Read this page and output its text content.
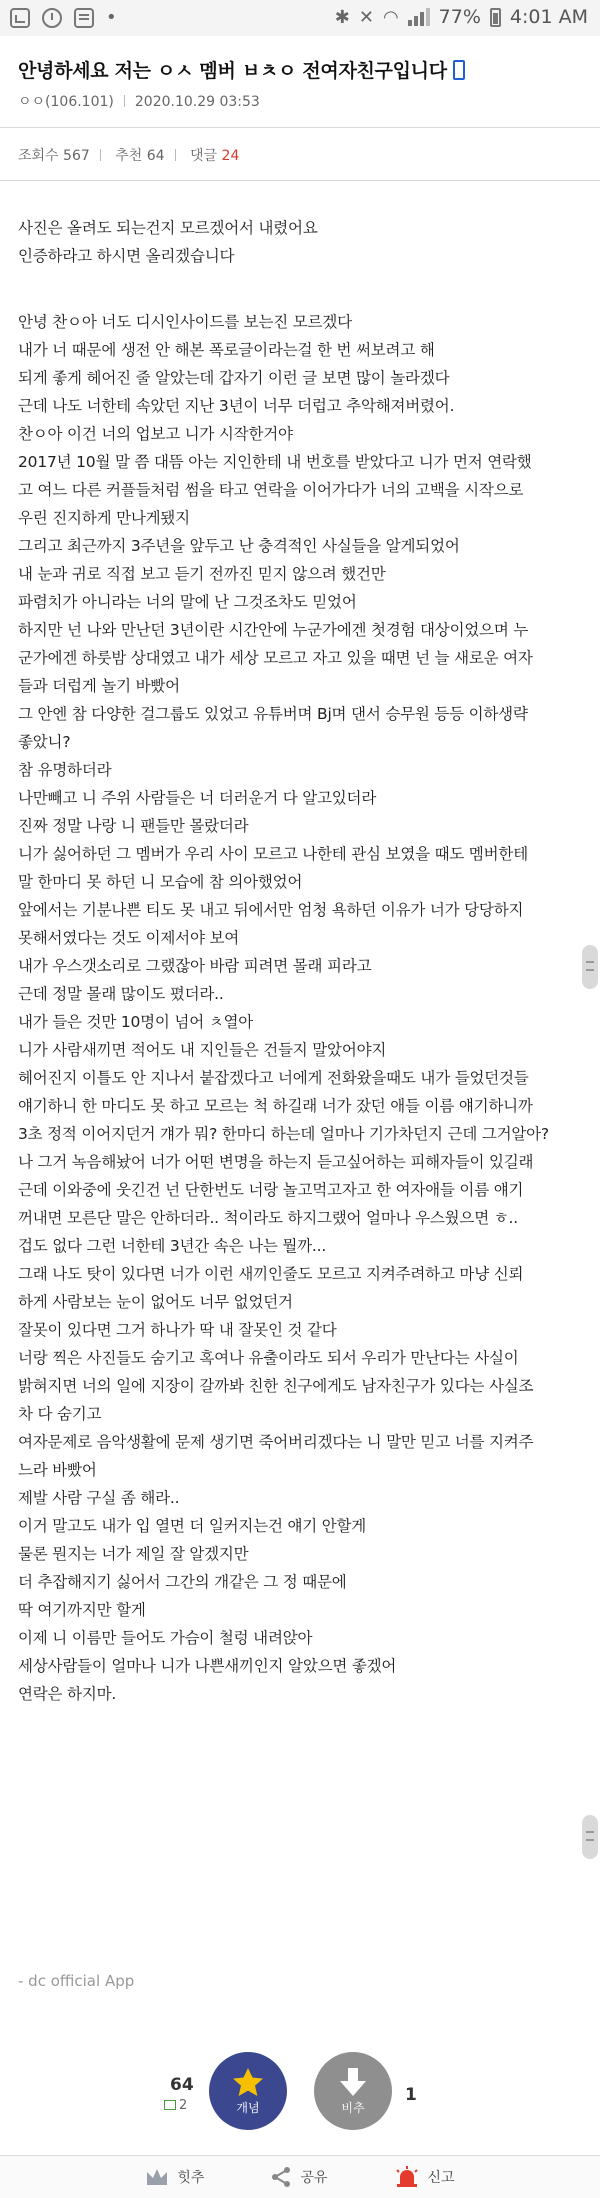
•	✱ ✕ ◠ 77% 4:01 AM
안녕하세요 저는 ㅇㅅ 멤버 ㅂㅊㅇ 전여자친구입니다
ㅇㅇ(106.101) 2020.10.29 03:53
조회수 567 추천 64 댓글 24
사진은 올려도 되는건지 모르겠어서 내렸어요
인증하라고 하시면 올리겠습니다
안녕 찬ㅇ아 너도 디시인사이드를 보는진 모르겠다
내가 너 때문에 생전 안 해본 폭로글이라는걸 한 번 써보려고 해
되게 좋게 헤어진 줄 알았는데 갑자기 이런 글 보면 많이 놀라겠다
근데 나도 너한테 속았던 지난 3년이 너무 더럽고 추악해져버렸어.
찬ㅇ아 이건 너의 업보고 니가 시작한거야
2017년 10월 말 쯤 대뜸 아는 지인한테 내 번호를 받았다고 니가 먼저 연락했
고 여느 다른 커플들처럼 썸을 타고 연락을 이어가다가 너의 고백을 시작으로
우린 진지하게 만나게됐지
그리고 최근까지 3주년을 앞두고 난 충격적인 사실들을 알게되었어
내 눈과 귀로 직접 보고 듣기 전까진 믿지 않으려 했건만
파렴치가 아니라는 너의 말에 난 그것조차도 믿었어
하지만 넌 나와 만난던 3년이란 시간안에 누군가에겐 첫경험 대상이었으며 누
군가에겐 하룻밤 상대였고 내가 세상 모르고 자고 있을 때면 넌 늘 새로운 여자
들과 더럽게 놀기 바빴어
그 안엔 참 다양한 걸그룹도 있었고 유튜버며 Bj며 댄서 승무원 등등 이하생략
좋았니?
참 유명하더라
나만빼고 니 주위 사람들은 너 더러운거 다 알고있더라
진짜 정말 나랑 니 팬들만 몰랐더라
니가 싫어하던 그 멤버가 우리 사이 모르고 나한테 관심 보였을 때도 멤버한테
말 한마디 못 하던 니 모습에 참 의아했었어
앞에서는 기분나쁜 티도 못 내고 뒤에서만 엄청 욕하던 이유가 너가 당당하지
못해서였다는 것도 이제서야 보여
내가 우스갯소리로 그랬잖아 바람 피려면 몰래 피라고
근데 정말 몰래 많이도 폈더라..
내가 들은 것만 10명이 넘어 ㅊ열아
니가 사람새끼면 적어도 내 지인들은 건들지 말았어야지
헤어진지 이틀도 안 지나서 붙잡겠다고 너에게 전화왔을때도 내가 들었던것들
얘기하니 한 마디도 못 하고 모르는 척 하길래 너가 잤던 애들 이름 얘기하니까
3초 정적 이어지던거 걔가 뭐? 한마디 하는데 얼마나 기가차던지 근데 그거알아?
나 그거 녹음해놨어 너가 어떤 변명을 하는지 듣고싶어하는 피해자들이 있길래
근데 이와중에 웃긴건 넌 단한번도 너랑 놀고먹고자고 한 여자애들 이름 얘기
꺼내면 모른단 말은 안하더라.. 척이라도 하지그랬어 얼마나 우스웠으면 ㅎ..
겁도 없다 그런 너한테 3년간 속은 나는 뭘까...
그래 나도 탓이 있다면 너가 이런 새끼인줄도 모르고 지켜주려하고 마냥 신뢰
하게 사람보는 눈이 없어도 너무 없었던거
잘못이 있다면 그거 하나가 딱 내 잘못인 것 같다
너랑 찍은 사진들도 숨기고 혹여나 유출이라도 되서 우리가 만난다는 사실이
밝혀지면 너의 일에 지장이 갈까봐 친한 친구에게도 남자친구가 있다는 사실조
차 다 숨기고
여자문제로 음악생활에 문제 생기면 죽어버리겠다는 니 말만 믿고 너를 지켜주
느라 바빴어
제발 사람 구실 좀 해라..
이거 말고도 내가 입 열면 더 일커지는건 얘기 안할게
물론 뭔지는 너가 제일 잘 알겠지만
더 추잡해지기 싫어서 그간의 개같은 그 정 때문에
딱 여기까지만 할게
이제 니 이름만 들어도 가슴이 철렁 내려앉아
세상사람들이 얼마나 니가 나쁜새끼인지 알았으면 좋겠어
연락은 하지마.
- dc official App
64
2	개념	비추
1
힛추	공유	신고
